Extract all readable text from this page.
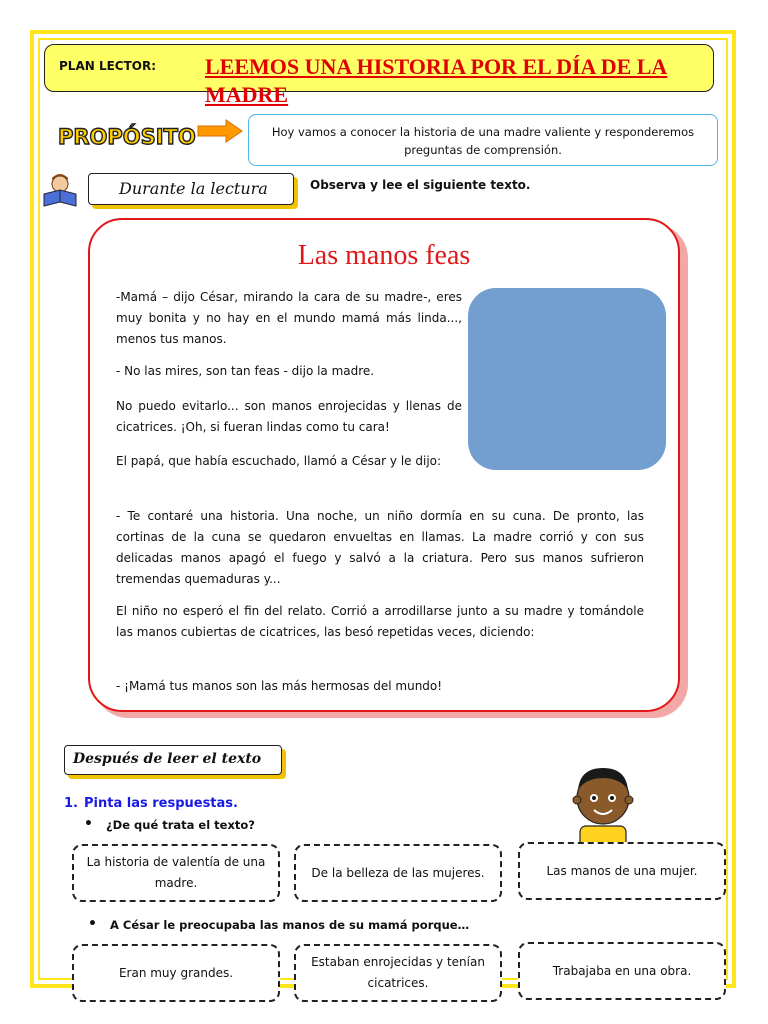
PLAN LECTOR: LEEMOS UNA HISTORIA POR EL DÍA DE LA MADRE
PROPÓSITO	Hoy vamos a conocer la historia de una madre valiente y responderemos preguntas de comprensión.
Durante la lectura	Observa y lee el siguiente texto.
Las manos feas

-Mamá – dijo César, mirando la cara de su madre-, eres muy bonita y no hay en el mundo mamá más linda..., menos tus manos.

- No las mires, son tan feas - dijo la madre.

No puedo evitarlo... son manos enrojecidas y llenas de cicatrices. ¡Oh, si fueran lindas como tu cara!

El papá, que había escuchado, llamó a César y le dijo:

- Te contaré una historia. Una noche, un niño dormía en su cuna. De pronto, las cortinas de la cuna se quedaron envueltas en llamas. La madre corrió y con sus delicadas manos apagó el fuego y salvó a la criatura. Pero sus manos sufrieron tremendas quemaduras y...

El niño no esperó el fin del relato. Corrió a arrodillarse junto a su madre y tomándole las manos cubiertas de cicatrices, las besó repetidas veces, diciendo:

- ¡Mamá tus manos son las más hermosas del mundo!

Después de leer el texto
1. Pinta las respuestas.
• ¿De qué trata el texto?
La historia de valentía de una madre.
De la belleza de las mujeres.	Las manos de una mujer.
• A César le preocupaba las manos de su mamá porque…
Eran muy grandes.
Estaban enrojecidas y tenían cicatrices.
Trabajaba en una obra.
